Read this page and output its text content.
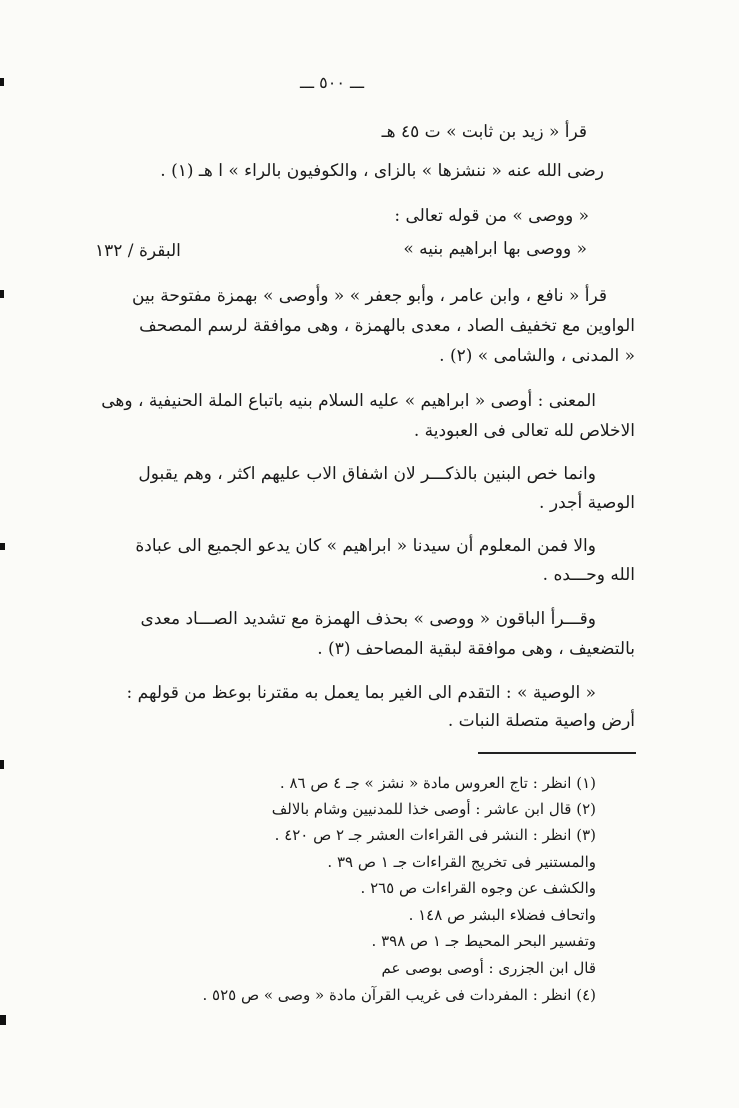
ـــ ٥٠٠ ـــ
قرأ « زيد بن ثابت » ت ٤٥ هـ
رضى الله عنه « ننشزها » بالزاى ، والكوفيون بالراء » ا هـ (١) .
« ووصى » من قوله تعالى :
« ووصى بها ابراهيم بنيه »
البقرة / ١٣٢
قرأ « نافع ، وابن عامر ، وأبو جعفر » « وأوصى » بهمزة مفتوحة بين
الواوين مع تخفيف الصاد ، معدى بالهمزة ، وهى موافقة لرسم المصحف
« المدنى ، والشامى » (٢) .
المعنى : أوصى « ابراهيم » عليه السلام بنيه باتباع الملة الحنيفية ، وهى
الاخلاص لله تعالى فى العبودية .
وانما خص البنين بالذكـــر لان اشفاق الاب عليهم اكثر ، وهم يقبول
الوصية أجدر .
والا فمن المعلوم أن سيدنا « ابراهيم » كان يدعو الجميع الى عبادة
الله وحـــده .
وقـــرأ الباقون « ووصى » بحذف الهمزة مع تشديد الصـــاد معدى
بالتضعيف ، وهى موافقة لبقية المصاحف (٣) .
« الوصية » : التقدم الى الغير بما يعمل به مقترنا بوعظ من قولهم :
أرض واصية متصلة النبات .
(١) انظر : تاج العروس مادة « نشز » جـ ٤ ص ٨٦ .
(٢) قال ابن عاشر : أوصى خذا للمدنيين وشام بالالف
(٣) انظر : النشر فى القراءات العشر جـ ٢ ص ٤٢٠ .
والمستنير فى تخريج القراءات جـ ١ ص ٣٩ .
والكشف عن وجوه القراءات ص ٢٦٥ .
واتحاف فضلاء البشر ص ١٤٨ .
وتفسير البحر المحيط جـ ١ ص ٣٩٨ .
قال ابن الجزرى : أوصى بوصى عم
(٤) انظر : المفردات فى غريب القرآن مادة « وصى » ص ٥٢٥ .
